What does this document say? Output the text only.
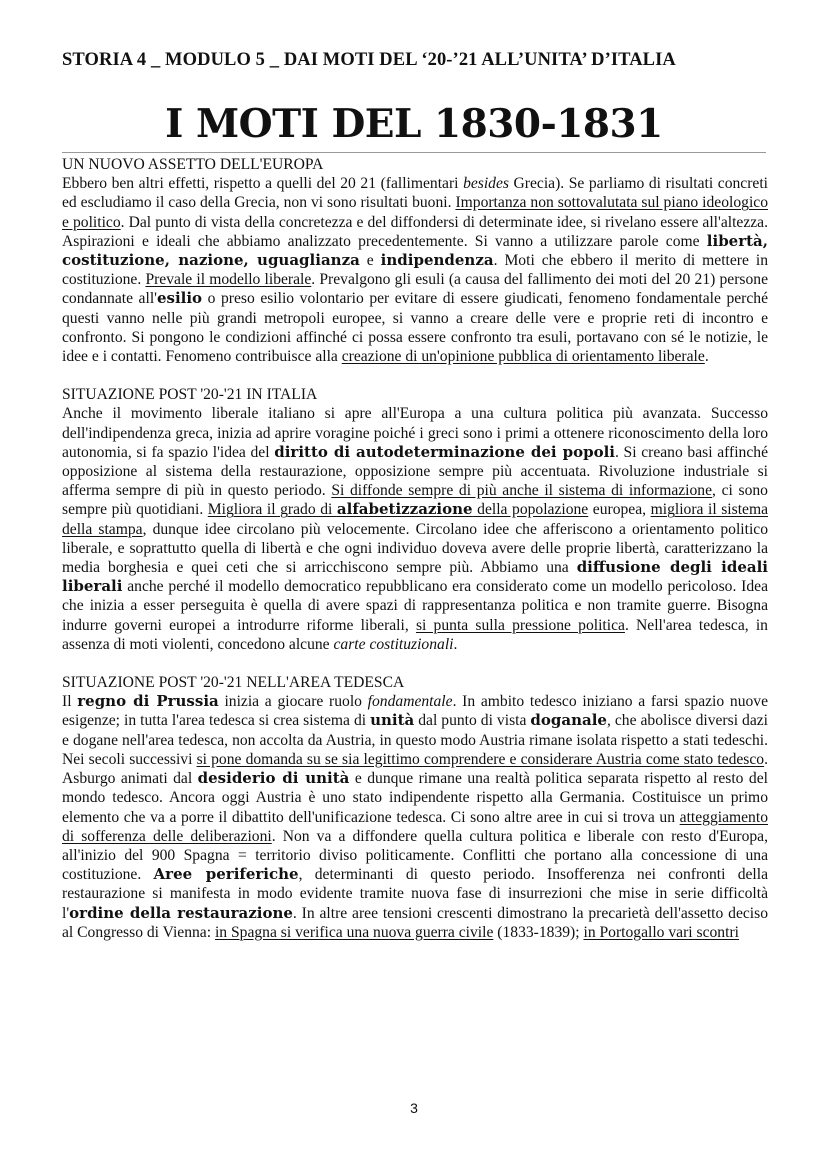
STORIA 4 _ MODULO 5 _ DAI MOTI DEL ‘20-’21 ALL’UNITA’ D’ITALIA
I MOTI DEL 1830-1831
UN NUOVO ASSETTO DELL'EUROPA

Ebbero ben altri effetti, rispetto a quelli del 20 21 (fallimentari besides Grecia). Se parliamo di risultati concreti ed escludiamo il caso della Grecia, non vi sono risultati buoni. Importanza non sottovalutata sul piano ideologico e politico. Dal punto di vista della concretezza e del diffondersi di determinate idee, si rivelano essere all'altezza. Aspirazioni e ideali che abbiamo analizzato precedentemente. Si vanno a utilizzare parole come libertà, costituzione, nazione, uguaglianza e indipendenza. Moti che ebbero il merito di mettere in costituzione. Prevale il modello liberale. Prevalgono gli esuli (a causa del fallimento dei moti del 20 21) persone condannate all'esilio o preso esilio volontario per evitare di essere giudicati, fenomeno fondamentale perché questi vanno nelle più grandi metropoli europee, si vanno a creare delle vere e proprie reti di incontro e confronto. Si pongono le condizioni affinché ci possa essere confronto tra esuli, portavano con sé le notizie, le idee e i contatti. Fenomeno contribuisce alla creazione di un'opinione pubblica di orientamento liberale.

SITUAZIONE POST '20-'21 IN ITALIA

Anche il movimento liberale italiano si apre all'Europa a una cultura politica più avanzata. Successo dell'indipendenza greca, inizia ad aprire voragine poiché i greci sono i primi a ottenere riconoscimento della loro autonomia, si fa spazio l'idea del diritto di autodeterminazione dei popoli. Si creano basi affinché opposizione al sistema della restaurazione, opposizione sempre più accentuata. Rivoluzione industriale si afferma sempre di più in questo periodo. Si diffonde sempre di più anche il sistema di informazione, ci sono sempre più quotidiani. Migliora il grado di alfabetizzazione della popolazione europea, migliora il sistema della stampa, dunque idee circolano più velocemente. Circolano idee che afferiscono a orientamento politico liberale, e soprattutto quella di libertà e che ogni individuo doveva avere delle proprie libertà, caratterizzano la media borghesia e quei ceti che si arricchiscono sempre più. Abbiamo una diffusione degli ideali liberali anche perché il modello democratico repubblicano era considerato come un modello pericoloso. Idea che inizia a esser perseguita è quella di avere spazi di rappresentanza politica e non tramite guerre. Bisogna indurre governi europei a introdurre riforme liberali, si punta sulla pressione politica. Nell'area tedesca, in assenza di moti violenti, concedono alcune carte costituzionali.

SITUAZIONE POST '20-'21 NELL'AREA TEDESCA

Il regno di Prussia inizia a giocare ruolo fondamentale. In ambito tedesco iniziano a farsi spazio nuove esigenze; in tutta l'area tedesca si crea sistema di unità dal punto di vista doganale, che abolisce diversi dazi e dogane nell'area tedesca, non accolta da Austria, in questo modo Austria rimane isolata rispetto a stati tedeschi. Nei secoli successivi si pone domanda su se sia legittimo comprendere e considerare Austria come stato tedesco. Asburgo animati dal desiderio di unità e dunque rimane una realtà politica separata rispetto al resto del mondo tedesco. Ancora oggi Austria è uno stato indipendente rispetto alla Germania. Costituisce un primo elemento che va a porre il dibattito dell'unificazione tedesca. Ci sono altre aree in cui si trova un atteggiamento di sofferenza delle deliberazioni. Non va a diffondere quella cultura politica e liberale con resto d'Europa, all'inizio del 900 Spagna = territorio diviso politicamente. Conflitti che portano alla concessione di una costituzione. Aree periferiche, determinanti di questo periodo. Insofferenza nei confronti della restaurazione si manifesta in modo evidente tramite nuova fase di insurrezioni che mise in serie difficoltà l'ordine della restaurazione. In altre aree tensioni crescenti dimostrano la precarietà dell'assetto deciso al Congresso di Vienna: in Spagna si verifica una nuova guerra civile (1833-1839); in Portogallo vari scontri

3
